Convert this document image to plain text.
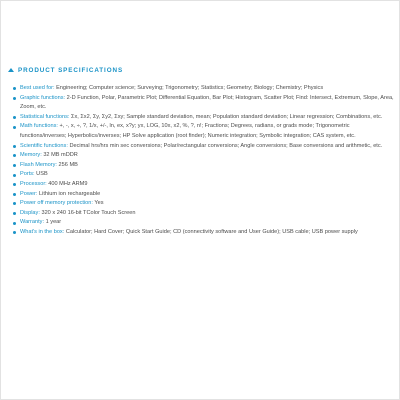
PRODUCT SPECIFICATIONS
Best used for: Engineering; Computer science; Surveying; Trigonometry; Statistics; Geometry; Biology; Chemistry; Physics
Graphic functions: 2-D Function, Polar, Parametric Plot; Differential Equation, Bar Plot; Histogram, Scatter Plot; Find: Intersect, Extremum, Slope, Area, Zoom, etc.
Statistical functions: Σx, Σx2, Σy, Σy2, Σxy; Sample standard deviation, mean; Population standard deviation; Linear regression; Combinations, etc.
Math functions: +, -, x, ÷, ?, 1/x, +/-, ln, ex, x?y; yx, LOG, 10x, x2, %, ?, n!; Fractions; Degrees, radians, or grads mode; Trigonometric functions/inverses; Hyperbolics/inverses; HP Solve application (root finder); Numeric integration; Symbolic integration; CAS system, etc.
Scientific functions: Decimal hrs/hrs min sec conversions; Polar/rectangular conversions; Angle conversions; Base conversions and arithmetic, etc.
Memory: 32 MB mDDR
Flash Memory: 256 MB
Ports: USB
Processor: 400 MHz ARM9
Power: Lithium ion rechargeable
Power off memory protection: Yes
Display: 320 x 240 16-bit TColor Touch Screen
Warranty: 1 year
What's in the box: Calculator; Hard Cover; Quick Start Guide; CD (connectivity software and User Guide); USB cable; USB power supply
